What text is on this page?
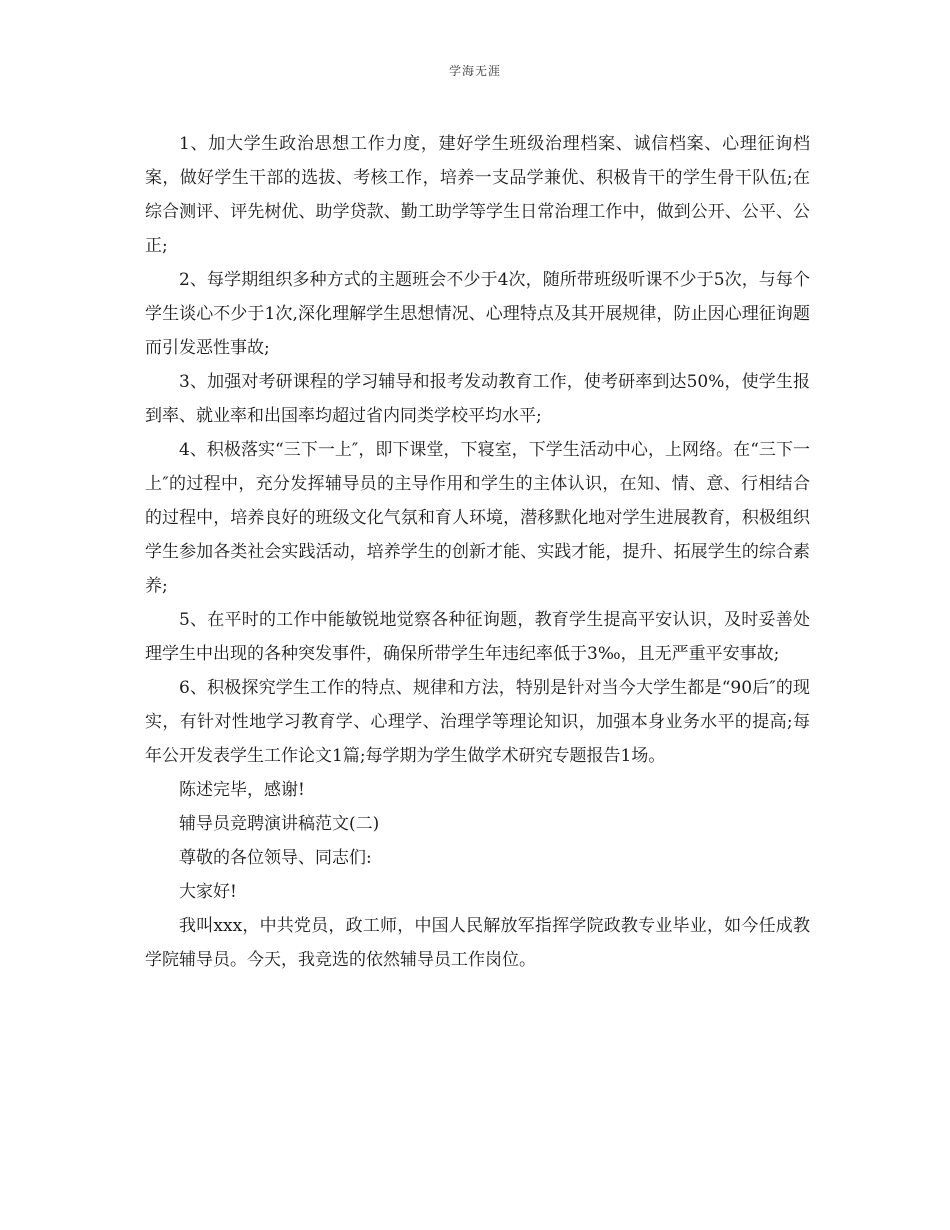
学海无涯

1、加大学生政治思想工作力度，建好学生班级治理档案、诚信档案、心理征询档案，做好学生干部的选拔、考核工作，培养一支品学兼优、积极肯干的学生骨干队伍;在综合测评、评先树优、助学贷款、勤工助学等学生日常治理工作中，做到公开、公平、公正;

2、每学期组织多种方式的主题班会不少于4次，随所带班级听课不少于5次，与每个学生谈心不少于1次,深化理解学生思想情况、心理特点及其开展规律，防止因心理征询题而引发恶性事故;

3、加强对考研课程的学习辅导和报考发动教育工作，使考研率到达50%，使学生报到率、就业率和出国率均超过省内同类学校平均水平;

4、积极落实“三下一上″，即下课堂，下寝室，下学生活动中心，上网络。在“三下一上″的过程中，充分发挥辅导员的主导作用和学生的主体认识，在知、情、意、行相结合的过程中，培养良好的班级文化气氛和育人环境，潜移默化地对学生进展教育，积极组织学生参加各类社会实践活动，培养学生的创新才能、实践才能，提升、拓展学生的综合素养;

5、在平时的工作中能敏锐地觉察各种征询题，教育学生提高平安认识，及时妥善处理学生中出现的各种突发事件，确保所带学生年违纪率低于3‰，且无严重平安事故;

6、积极探究学生工作的特点、规律和方法，特别是针对当今大学生都是“90后″的现实，有针对性地学习教育学、心理学、治理学等理论知识，加强本身业务水平的提高;每年公开发表学生工作论文1篇;每学期为学生做学术研究专题报告1场。

陈述完毕，感谢!

辅导员竞聘演讲稿范文(二)

尊敬的各位领导、同志们:

大家好!

我叫xxx，中共党员，政工师，中国人民解放军指挥学院政教专业毕业，如今任成教学院辅导员。今天，我竞选的依然辅导员工作岗位。
